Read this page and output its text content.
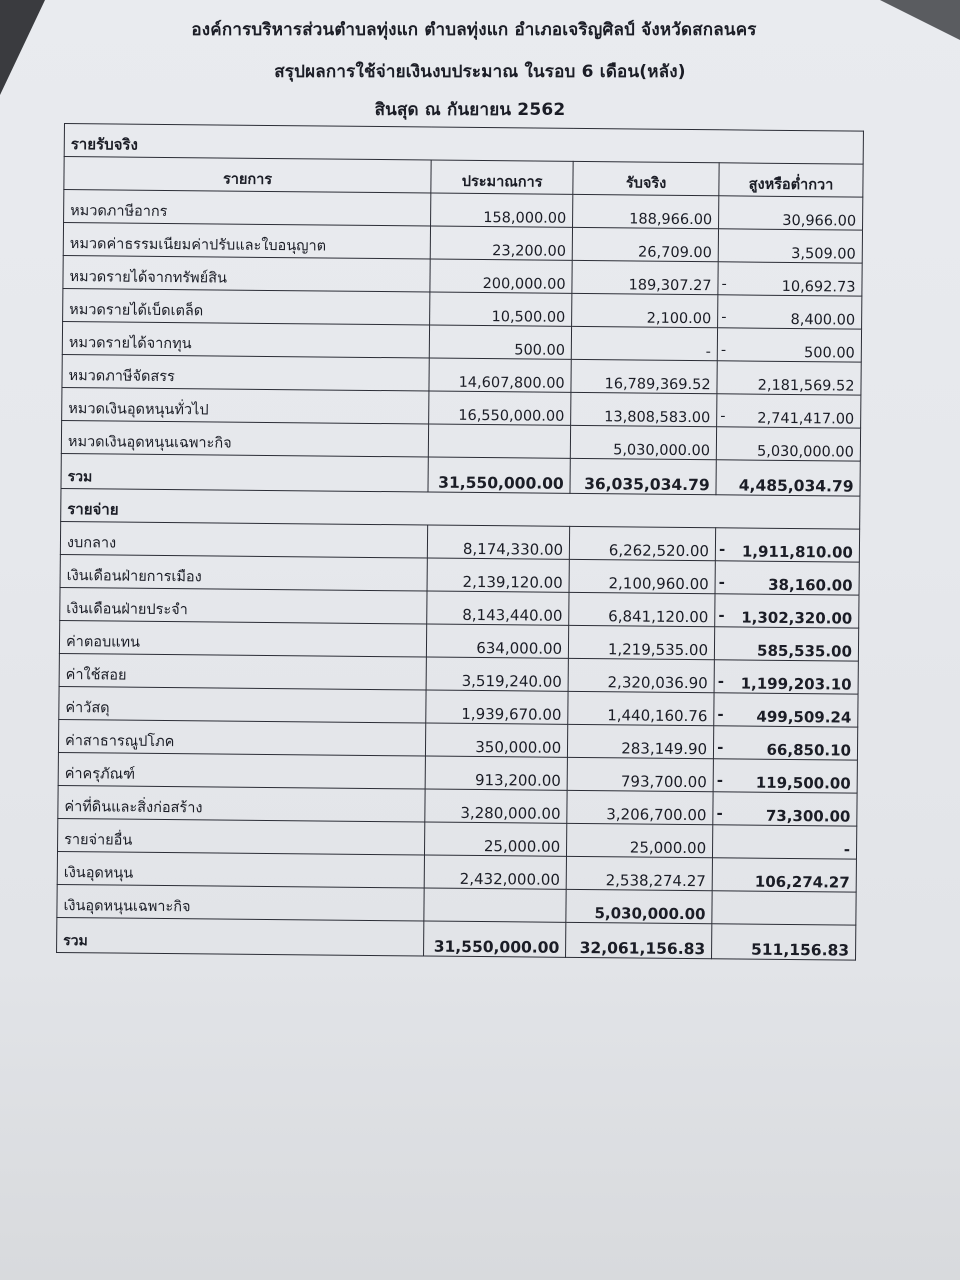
องค์การบริหารส่วนตำบลทุ่งแก ตำบลทุ่งแก อำเภอเจริญศิลป์ จังหวัดสกลนคร
สรุปผลการใช้จ่ายเงินงบประมาณ ในรอบ 6 เดือน(หลัง)
สินสุด ณ กันยายน 2562
รายรับจริง			
รายการ	ประมาณการ	รับจริง	สูงหรือต่ำกวา
หมวดภาษีอากร	158,000.00	188,966.00	30,966.00
หมวดค่าธรรมเนียมค่าปรับและใบอนุญาต	23,200.00	26,709.00	3,509.00
หมวดรายได้จากทรัพย์สิน	200,000.00	189,307.27	- 10,692.73
หมวดรายได้เบ็ดเตล็ด	10,500.00	2,100.00	- 8,400.00
หมวดรายได้จากทุน	500.00	-	- 500.00
หมวดภาษีจัดสรร	14,607,800.00	16,789,369.52	2,181,569.52
หมวดเงินอุดหนุนทั่วไป	16,550,000.00	13,808,583.00	- 2,741,417.00
หมวดเงินอุดหนุนเฉพาะกิจ		5,030,000.00	5,030,000.00
รวม	31,550,000.00	36,035,034.79	4,485,034.79
รายจ่าย			
งบกลาง	8,174,330.00	6,262,520.00	- 1,911,810.00
เงินเดือนฝ่ายการเมือง	2,139,120.00	2,100,960.00	- 38,160.00
เงินเดือนฝ่ายประจำ	8,143,440.00	6,841,120.00	- 1,302,320.00
ค่าตอบแทน	634,000.00	1,219,535.00	585,535.00
ค่าใช้สอย	3,519,240.00	2,320,036.90	- 1,199,203.10
ค่าวัสดุ	1,939,670.00	1,440,160.76	- 499,509.24
ค่าสาธารณูปโภค	350,000.00	283,149.90	- 66,850.10
ค่าครุภัณฑ์	913,200.00	793,700.00	- 119,500.00
ค่าที่ดินและสิ่งก่อสร้าง	3,280,000.00	3,206,700.00	- 73,300.00
รายจ่ายอื่น	25,000.00	25,000.00	-
เงินอุดหนุน	2,432,000.00	2,538,274.27	106,274.27
เงินอุดหนุนเฉพาะกิจ		5,030,000.00	

รวม	31,550,000.00	32,061,156.83	511,156.83
